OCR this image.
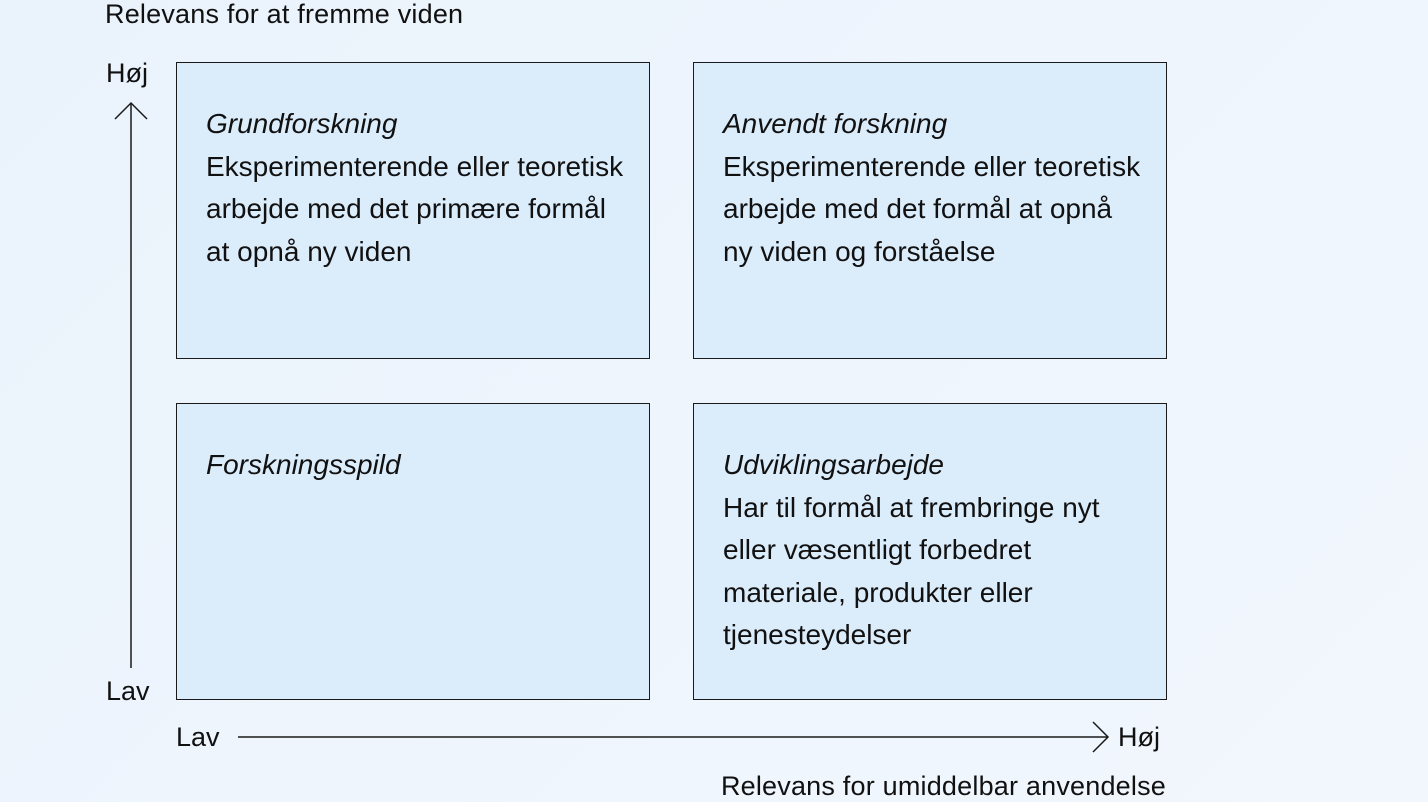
Relevans for at fremme viden
Høj
Lav
Grundforskning
Eksperimenterende eller teoretisk arbejde med det primære formål at opnå ny viden
Anvendt forskning
Eksperimenterende eller teoretisk arbejde med det formål at opnå ny viden og forståelse
Forskningsspild	Udviklingsarbejde
Har til formål at frembringe nyt eller væsentligt forbedret materiale, produkter eller tjenesteydelser
Lav	Høj
Relevans for umiddelbar anvendelse
